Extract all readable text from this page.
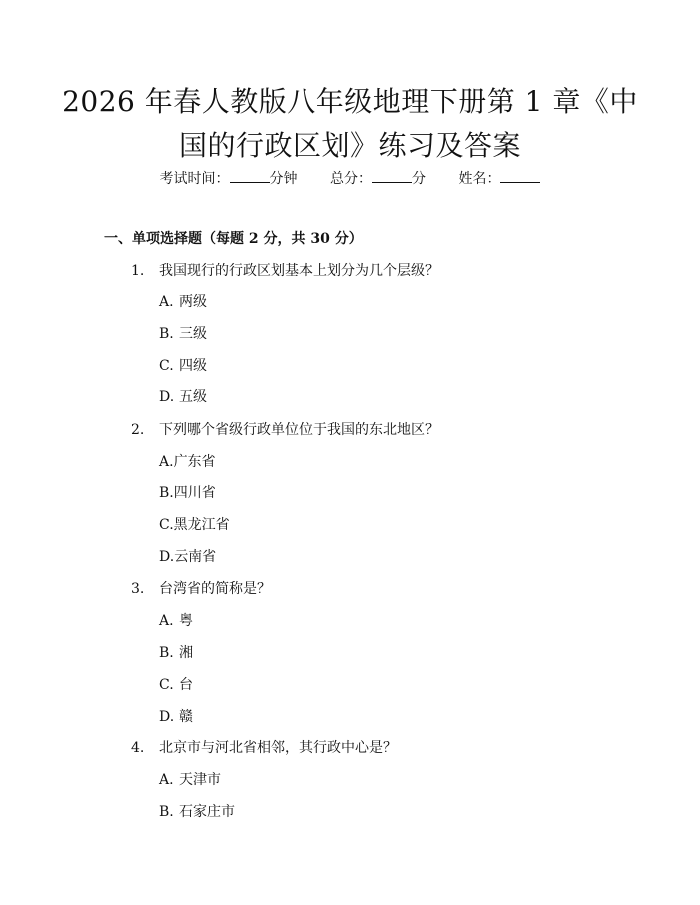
2026 年春人教版八年级地理下册第 1 章《中
国的行政区划》练习及答案
考试时间：	分钟 总分：	分 姓名：
一、单项选择题（每题 2 分，共 30 分）
1. 我国现行的行政区划基本上划分为几个层级？
A. 两级
B. 三级
C. 四级
D. 五级
2. 下列哪个省级行政单位位于我国的东北地区？
A.广东省
B.四川省
C.黑龙江省
D.云南省
3. 台湾省的简称是？
A. 粤
B. 湘
C. 台
D. 赣
4. 北京市与河北省相邻，其行政中心是？
A. 天津市
B. 石家庄市
